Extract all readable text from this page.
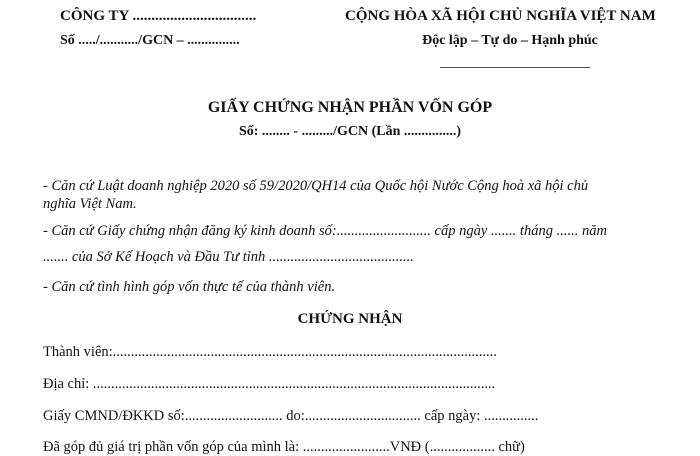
CÔNG TY .................................
Số ...../.........../GCN – ...............
CỘNG HÒA XÃ HỘI CHỦ NGHĨA VIỆT NAM
Độc lập – Tự do – Hạnh phúc
GIẤY CHỨNG NHẬN PHẦN VỐN GÓP
Số: ........ - ........./GCN (Lần ...............)
- Căn cứ Luật doanh nghiệp 2020 số 59/2020/QH14 của Quốc hội Nước Cộng hoà xã hội chủ
nghĩa Việt Nam.
- Căn cứ Giấy chứng nhận đăng ký kinh doanh số:.......................... cấp ngày ....... tháng ...... năm
....... của Sở Kế Hoạch và Đầu Tư tỉnh ........................................
- Căn cứ tình hình góp vốn thực tế của thành viên.
CHỨNG NHẬN
Thành viên:..........................................................................................................
Địa chỉ: ...............................................................................................................
Giấy CMND/ĐKKD số:........................... do:................................ cấp ngày: ...............
Đã góp đủ giá trị phần vốn góp của mình là: ........................VNĐ (.................. chữ)
